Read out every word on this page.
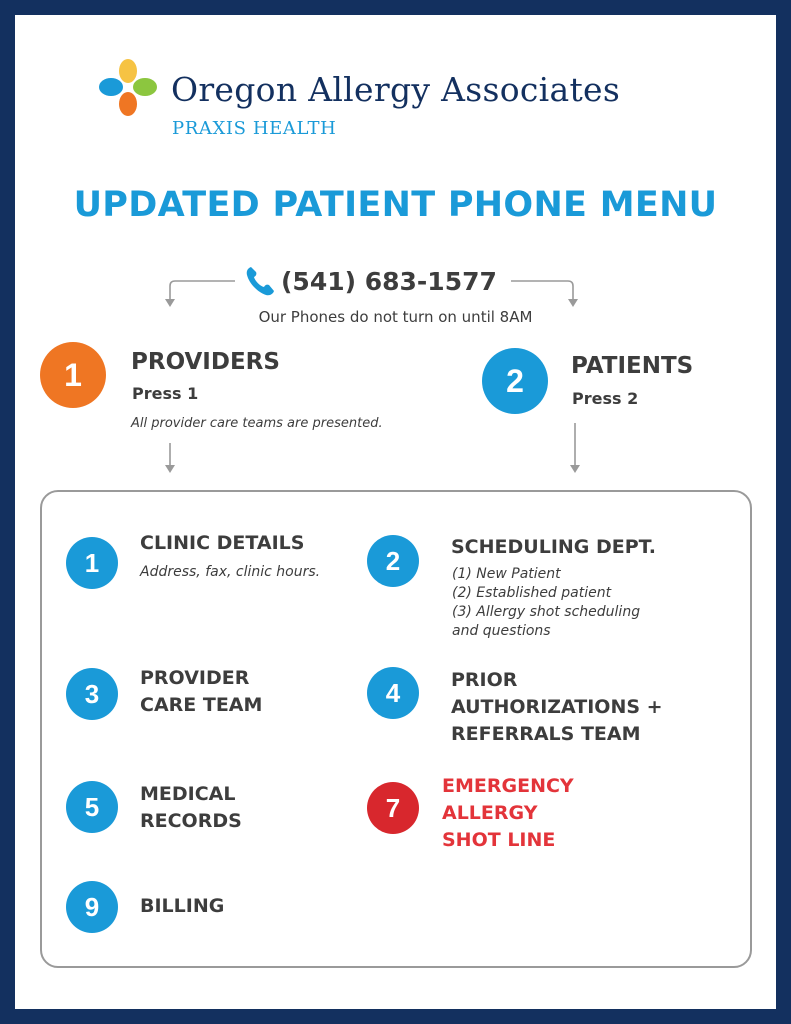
Oregon Allergy Associates
PRAXIS HEALTH
UPDATED PATIENT PHONE MENU
(541) 683-1577
Our Phones do not turn on until 8AM
1	PROVIDERS
Press 1
All provider care teams are presented.
2	PATIENTS
Press 2
1
CLINIC DETAILS
Address, fax, clinic hours.	2	SCHEDULING DEPT.
(1) New Patient
(2) Established patient
(3) Allergy shot scheduling
and questions
3
PROVIDER
CARE TEAM	4	PRIOR
AUTHORIZATIONS +
REFERRALS TEAM
5	MEDICAL
RECORDS	7
EMERGENCY
ALLERGY
SHOT LINE
9	BILLING
